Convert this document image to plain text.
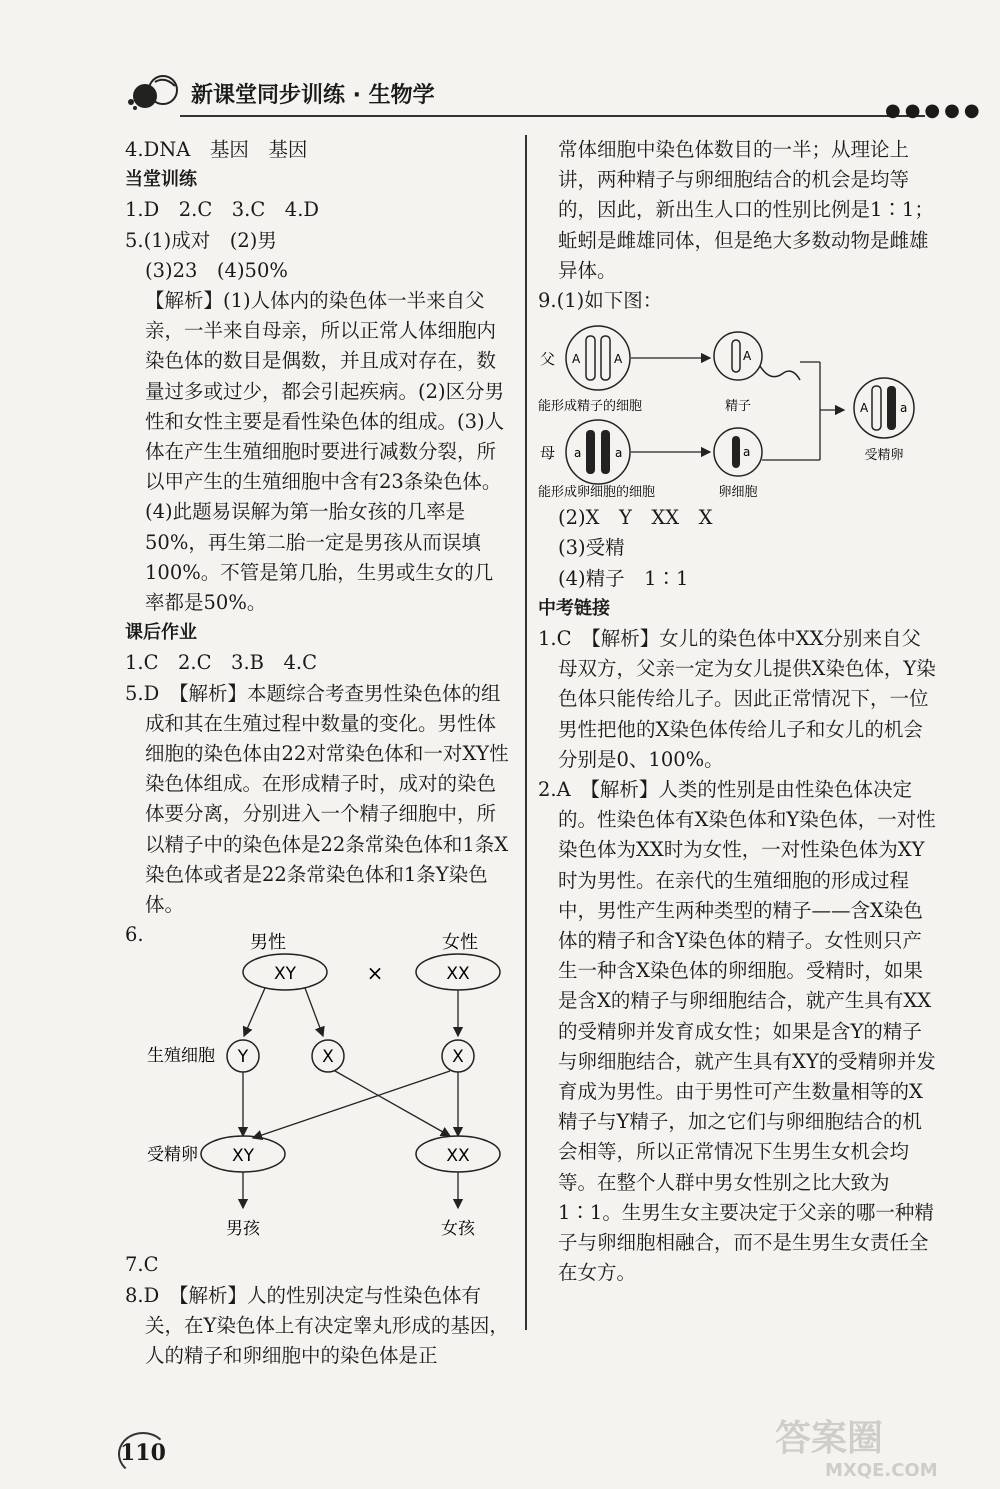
新课堂同步训练 · 生物学
●●●●●

4.DNA　基因　基因

当堂训练

1.D　2.C　3.C　4.D

5.(1)成对　(2)男

(3)23　(4)50%

【解析】(1)人体内的染色体一半来自父亲，一半来自母亲，所以正常人体细胞内染色体的数目是偶数，并且成对存在，数量过多或过少，都会引起疾病。(2)区分男性和女性主要是看性染色体的组成。(3)人体在产生生殖细胞时要进行减数分裂，所以甲产生的生殖细胞中含有23条染色体。(4)此题易误解为第一胎女孩的几率是50%，再生第二胎一定是男孩从而误填100%。不管是第几胎，生男或生女的几率都是50%。

课后作业

1.C　2.C　3.B　4.C

5.D　【解析】本题综合考查男性染色体的组成和其在生殖过程中数量的变化。男性体细胞的染色体由22对常染色体和一对XY性染色体组成。在形成精子时，成对的染色体要分离，分别进入一个精子细胞中，所以精子中的染色体是22条常染色体和1条X染色体或者是22条常染色体和1条Y染色体。

6.	男性	女性
XY	×	XX
生殖细胞 Y	X	X
受精卵 XY	XX
男孩	女孩

7.C

8.D　【解析】人的性别决定与性染色体有关，在Y染色体上有决定睾丸形成的基因，人的精子和卵细胞中的染色体是正

常体细胞中染色体数目的一半；从理论上讲，两种精子与卵细胞结合的机会是均等的，因此，新出生人口的性别比例是1∶1；蚯蚓是雌雄同体，但是绝大多数动物是雌雄异体。

9.(1)如下图：

父 A	A
能形成精子的细胞
A
精子	A	a
受精卵
母 a	a
能形成卵细胞的细胞
a
卵细胞

(2)X　Y　XX　X

(3)受精

(4)精子　1∶1

中考链接

1.C　【解析】女儿的染色体中XX分别来自父母双方，父亲一定为女儿提供X染色体，Y染色体只能传给儿子。因此正常情况下，一位男性把他的X染色体传给儿子和女儿的机会分别是0、100%。

2.A　【解析】人类的性别是由性染色体决定的。性染色体有X染色体和Y染色体，一对性染色体为XX时为女性，一对性染色体为XY时为男性。在亲代的生殖细胞的形成过程中，男性产生两种类型的精子——含X染色体的精子和含Y染色体的精子。女性则只产生一种含X染色体的卵细胞。受精时，如果是含X的精子与卵细胞结合，就产生具有XX的受精卵并发育成女性；如果是含Y的精子与卵细胞结合，就产生具有XY的受精卵并发育成为男性。由于男性可产生数量相等的X精子与Y精子，加之它们与卵细胞结合的机会相等，所以正常情况下生男生女机会均等。在整个人群中男女性别之比大致为1∶1。生男生女主要决定于父亲的哪一种精子与卵细胞相融合，而不是生男生女责任全在女方。

110	答案圈
MXQE.COM
